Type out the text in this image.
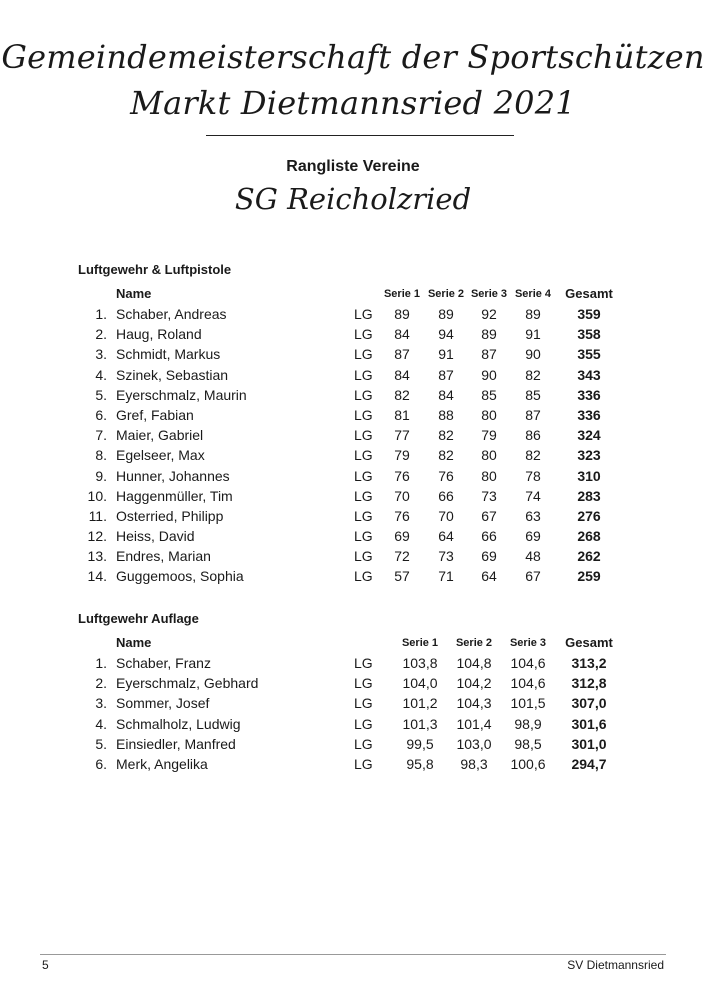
Gemeindemeisterschaft der Sportschützen
Markt Dietmannsried 2021
Rangliste Vereine
SG Reicholzried
Luftgewehr & Luftpistole
Name	Serie 1 Serie 2 Serie 3 Serie 4 Gesamt
1. Schaber, Andreas	LG 89 89 92 89	359
2. Haug, Roland	LG 84 94 89 91	358
3. Schmidt, Markus	LG 87 91 87 90	355
4. Szinek, Sebastian	LG 84 87 90 82	343
5. Eyerschmalz, Maurin	LG 82 84 85 85	336
6. Gref, Fabian	LG 81 88 80 87	336
7. Maier, Gabriel	LG 77 82 79 86	324
8. Egelseer, Max	LG 79 82 80 82	323
9. Hunner, Johannes	LG 76 76 80 78	310
10. Haggenmüller, Tim	LG 70 66 73 74	283
11. Osterried, Philipp	LG 76 70 67 63	276
12. Heiss, David	LG 69 64 66 69	268
13. Endres, Marian	LG 72 73 69 48	262
14. Guggemoos, Sophia	LG 57 71 64 67	259
Luftgewehr Auflage
Name	Serie 1 Serie 2 Serie 3 Gesamt
1. Schaber, Franz	LG 103,8 104,8 104,6 313,2
2. Eyerschmalz, Gebhard	LG 104,0 104,2 104,6 312,8
3. Sommer, Josef	LG 101,2 104,3 101,5 307,0
4. Schmalholz, Ludwig	LG 101,3 101,4 98,9 301,6
5. Einsiedler, Manfred	LG 99,5 103,0 98,5 301,0
6. Merk, Angelika	LG 95,8 98,3 100,6 294,7
5	SV Dietmannsried
